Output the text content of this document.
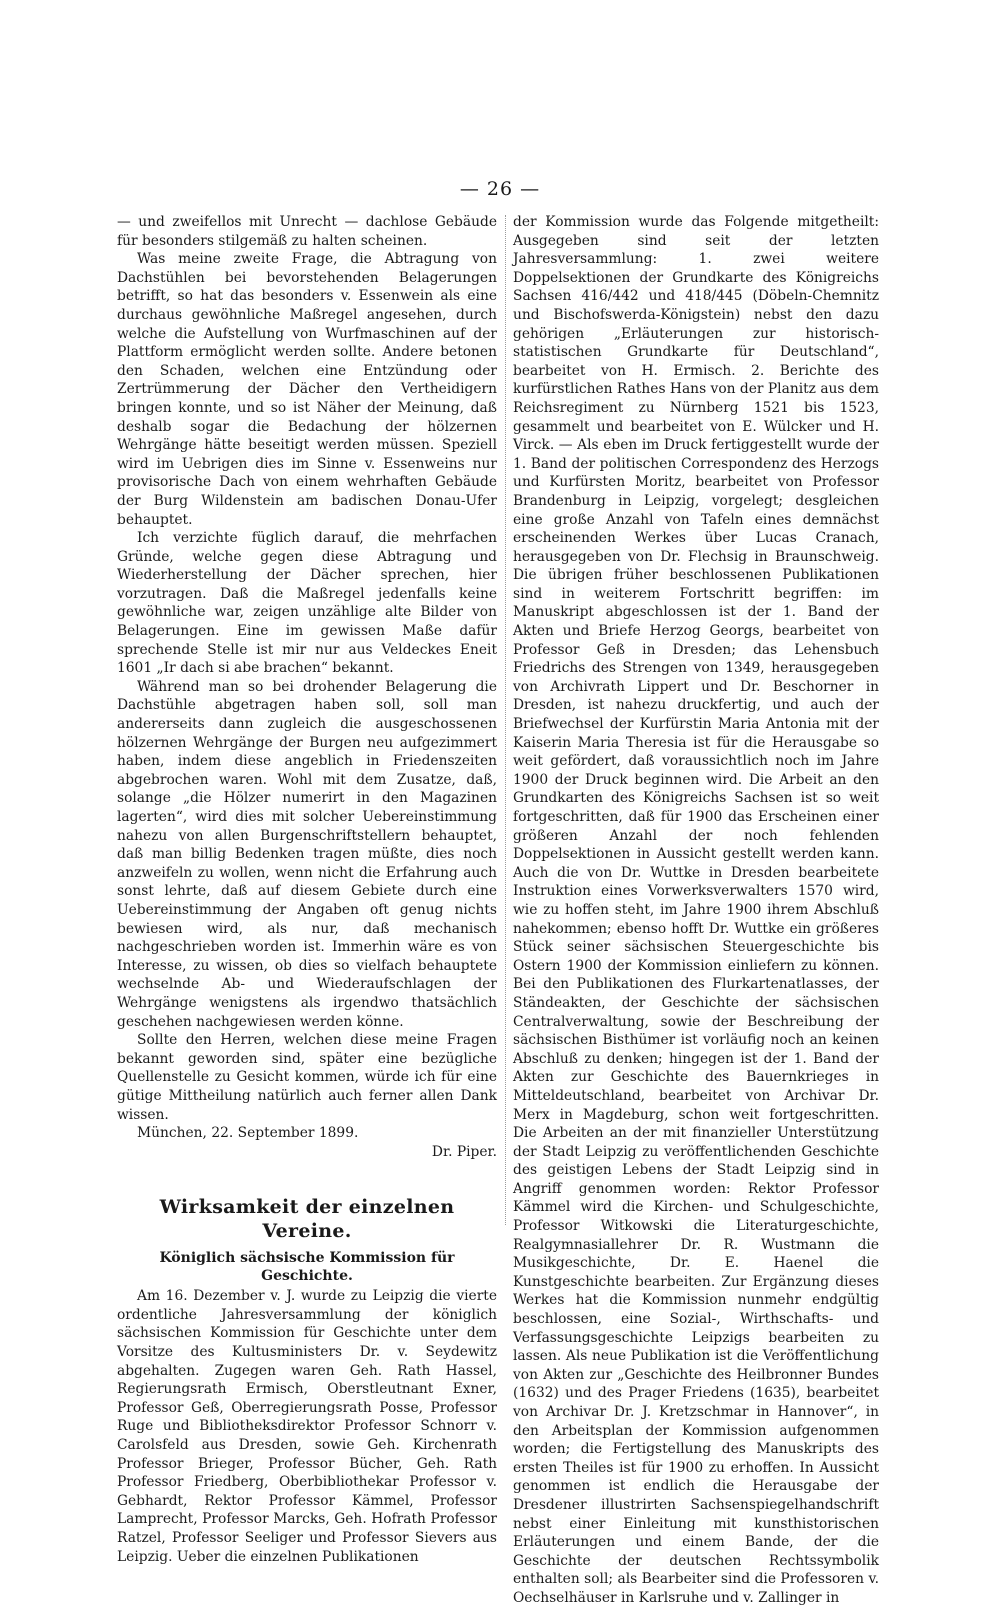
— 26 —

— und zweifellos mit Unrecht — dachlose Gebäude für besonders stilgemäß zu halten scheinen.

Was meine zweite Frage, die Abtragung von Dachstühlen bei bevorstehenden Belagerungen betrifft, so hat das besonders v. Essenwein als eine durchaus gewöhnliche Maßregel angesehen, durch welche die Aufstellung von Wurfmaschinen auf der Plattform ermöglicht werden sollte. Andere betonen den Schaden, welchen eine Entzündung oder Zertrümmerung der Dächer den Vertheidigern bringen konnte, und so ist Näher der Meinung, daß deshalb sogar die Bedachung der hölzernen Wehrgänge hätte beseitigt werden müssen. Speziell wird im Uebrigen dies im Sinne v. Essenweins nur provisorische Dach von einem wehrhaften Gebäude der Burg Wildenstein am badischen Donau-Ufer behauptet.

Ich verzichte füglich darauf, die mehrfachen Gründe, welche gegen diese Abtragung und Wiederherstellung der Dächer sprechen, hier vorzutragen. Daß die Maßregel jedenfalls keine gewöhnliche war, zeigen unzählige alte Bilder von Belagerungen. Eine im gewissen Maße dafür sprechende Stelle ist mir nur aus Veldeckes Eneit 1601 „Ir dach si abe brachen“ bekannt.

Während man so bei drohender Belagerung die Dachstühle abgetragen haben soll, soll man andererseits dann zugleich die ausgeschossenen hölzernen Wehrgänge der Burgen neu aufgezimmert haben, indem diese angeblich in Friedenszeiten abgebrochen waren. Wohl mit dem Zusatze, daß, solange „die Hölzer numerirt in den Magazinen lagerten“, wird dies mit solcher Uebereinstimmung nahezu von allen Burgenschriftstellern behauptet, daß man billig Bedenken tragen müßte, dies noch anzweifeln zu wollen, wenn nicht die Erfahrung auch sonst lehrte, daß auf diesem Gebiete durch eine Uebereinstimmung der Angaben oft genug nichts bewiesen wird, als nur, daß mechanisch nachgeschrieben worden ist. Immerhin wäre es von Interesse, zu wissen, ob dies so vielfach behauptete wechselnde Ab- und Wiederaufschlagen der Wehrgänge wenigstens als irgendwo thatsächlich geschehen nachgewiesen werden könne.

Sollte den Herren, welchen diese meine Fragen bekannt geworden sind, später eine bezügliche Quellenstelle zu Gesicht kommen, würde ich für eine gütige Mittheilung natürlich auch ferner allen Dank wissen.

München, 22. September 1899.

Dr. Piper.

Wirksamkeit der einzelnen Vereine.
Königlich sächsische Kommission für Geschichte.

Am 16. Dezember v. J. wurde zu Leipzig die vierte ordentliche Jahresversammlung der königlich sächsischen Kommission für Geschichte unter dem Vorsitze des Kultusministers Dr. v. Seydewitz abgehalten. Zugegen waren Geh. Rath Hassel, Regierungsrath Ermisch, Oberstleutnant Exner, Professor Geß, Oberregierungsrath Posse, Professor Ruge und Bibliotheksdirektor Professor Schnorr v. Carolsfeld aus Dresden, sowie Geh. Kirchenrath Professor Brieger, Professor Bücher, Geh. Rath Professor Friedberg, Oberbibliothekar Professor v. Gebhardt, Rektor Professor Kämmel, Professor Lamprecht, Professor Marcks, Geh. Hofrath Professor Ratzel, Professor Seeliger und Professor Sievers aus Leipzig. Ueber die einzelnen Publikationen

der Kommission wurde das Folgende mitgetheilt: Ausgegeben sind seit der letzten Jahresversammlung: 1. zwei weitere Doppelsektionen der Grundkarte des Königreichs Sachsen 416/442 und 418/445 (Döbeln-Chemnitz und Bischofswerda-Königstein) nebst den dazu gehörigen „Erläuterungen zur historisch-statistischen Grundkarte für Deutschland“, bearbeitet von H. Ermisch. 2. Berichte des kurfürstlichen Rathes Hans von der Planitz aus dem Reichsregiment zu Nürnberg 1521 bis 1523, gesammelt und bearbeitet von E. Wülcker und H. Virck. — Als eben im Druck fertiggestellt wurde der 1. Band der politischen Correspondenz des Herzogs und Kurfürsten Moritz, bearbeitet von Professor Brandenburg in Leipzig, vorgelegt; desgleichen eine große Anzahl von Tafeln eines demnächst erscheinenden Werkes über Lucas Cranach, herausgegeben von Dr. Flechsig in Braunschweig. Die übrigen früher beschlossenen Publikationen sind in weiterem Fortschritt begriffen: im Manuskript abgeschlossen ist der 1. Band der Akten und Briefe Herzog Georgs, bearbeitet von Professor Geß in Dresden; das Lehensbuch Friedrichs des Strengen von 1349, herausgegeben von Archivrath Lippert und Dr. Beschorner in Dresden, ist nahezu druckfertig, und auch der Briefwechsel der Kurfürstin Maria Antonia mit der Kaiserin Maria Theresia ist für die Herausgabe so weit gefördert, daß voraussichtlich noch im Jahre 1900 der Druck beginnen wird. Die Arbeit an den Grundkarten des Königreichs Sachsen ist so weit fortgeschritten, daß für 1900 das Erscheinen einer größeren Anzahl der noch fehlenden Doppelsektionen in Aussicht gestellt werden kann. Auch die von Dr. Wuttke in Dresden bearbeitete Instruktion eines Vorwerksverwalters 1570 wird, wie zu hoffen steht, im Jahre 1900 ihrem Abschluß nahekommen; ebenso hofft Dr. Wuttke ein größeres Stück seiner sächsischen Steuergeschichte bis Ostern 1900 der Kommission einliefern zu können. Bei den Publikationen des Flurkartenatlasses, der Ständeakten, der Geschichte der sächsischen Centralverwaltung, sowie der Beschreibung der sächsischen Bisthümer ist vorläufig noch an keinen Abschluß zu denken; hingegen ist der 1. Band der Akten zur Geschichte des Bauernkrieges in Mitteldeutschland, bearbeitet von Archivar Dr. Merx in Magdeburg, schon weit fortgeschritten. Die Arbeiten an der mit finanzieller Unterstützung der Stadt Leipzig zu veröffentlichenden Geschichte des geistigen Lebens der Stadt Leipzig sind in Angriff genommen worden: Rektor Professor Kämmel wird die Kirchen- und Schulgeschichte, Professor Witkowski die Literaturgeschichte, Realgymnasiallehrer Dr. R. Wustmann die Musikgeschichte, Dr. E. Haenel die Kunstgeschichte bearbeiten. Zur Ergänzung dieses Werkes hat die Kommission nunmehr endgültig beschlossen, eine Sozial-, Wirthschafts- und Verfassungsgeschichte Leipzigs bearbeiten zu lassen. Als neue Publikation ist die Veröffentlichung von Akten zur „Geschichte des Heilbronner Bundes (1632) und des Prager Friedens (1635), bearbeitet von Archivar Dr. J. Kretzschmar in Hannover“, in den Arbeitsplan der Kommission aufgenommen worden; die Fertigstellung des Manuskripts des ersten Theiles ist für 1900 zu erhoffen. In Aussicht genommen ist endlich die Herausgabe der Dresdener illustrirten Sachsenspiegelhandschrift nebst einer Einleitung mit kunsthistorischen Erläuterungen und einem Bande, der die Geschichte der deutschen Rechtssymbolik enthalten soll; als Bearbeiter sind die Professoren v. Oechselhäuser in Karlsruhe und v. Zallinger in
